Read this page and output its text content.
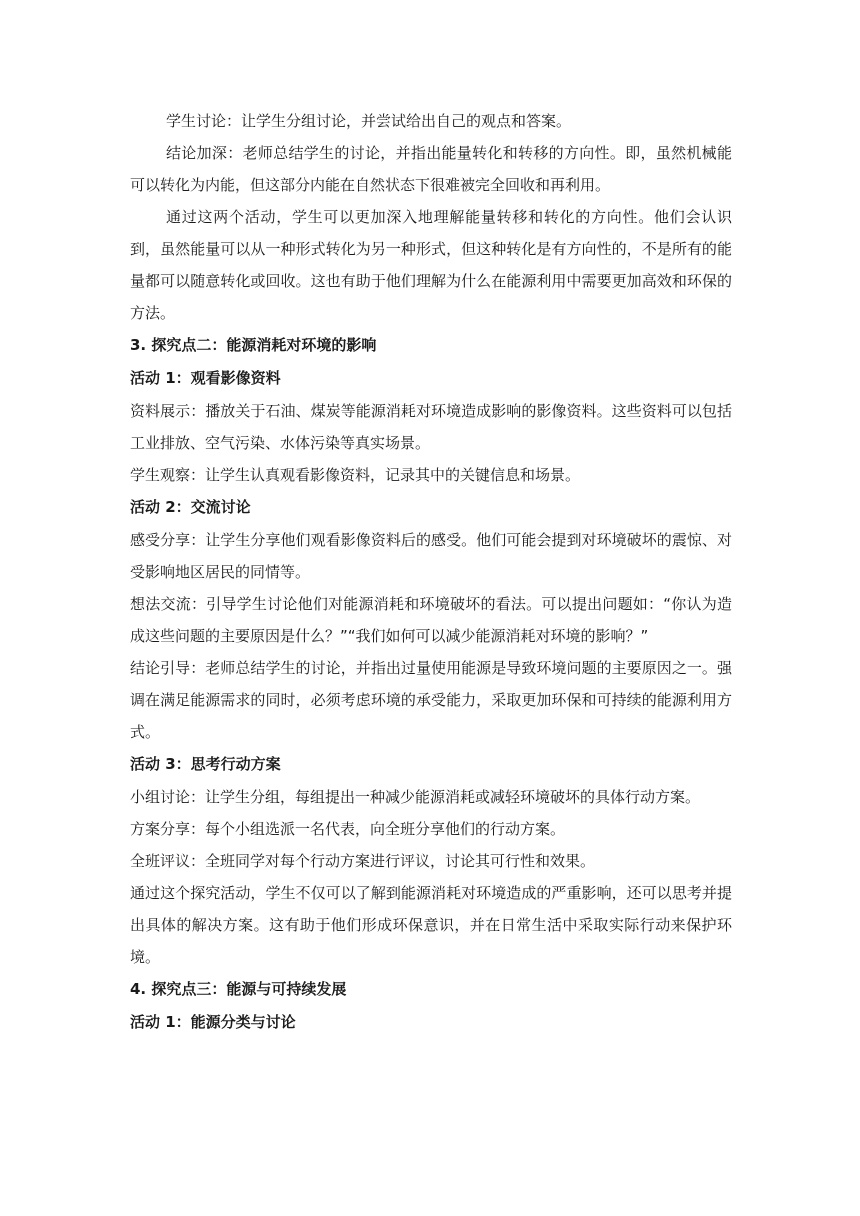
学生讨论：让学生分组讨论，并尝试给出自己的观点和答案。

结论加深：老师总结学生的讨论，并指出能量转化和转移的方向性。即，虽然机械能可以转化为内能，但这部分内能在自然状态下很难被完全回收和再利用。

通过这两个活动，学生可以更加深入地理解能量转移和转化的方向性。他们会认识到，虽然能量可以从一种形式转化为另一种形式，但这种转化是有方向性的，不是所有的能量都可以随意转化或回收。这也有助于他们理解为什么在能源利用中需要更加高效和环保的方法。

3. 探究点二：能源消耗对环境的影响

活动 1：观看影像资料

资料展示：播放关于石油、煤炭等能源消耗对环境造成影响的影像资料。这些资料可以包括工业排放、空气污染、水体污染等真实场景。

学生观察：让学生认真观看影像资料，记录其中的关键信息和场景。

活动 2：交流讨论

感受分享：让学生分享他们观看影像资料后的感受。他们可能会提到对环境破坏的震惊、对受影响地区居民的同情等。

想法交流：引导学生讨论他们对能源消耗和环境破坏的看法。可以提出问题如：“你认为造成这些问题的主要原因是什么？”“我们如何可以减少能源消耗对环境的影响？”

结论引导：老师总结学生的讨论，并指出过量使用能源是导致环境问题的主要原因之一。强调在满足能源需求的同时，必须考虑环境的承受能力，采取更加环保和可持续的能源利用方式。

活动 3：思考行动方案

小组讨论：让学生分组，每组提出一种减少能源消耗或减轻环境破坏的具体行动方案。

方案分享：每个小组选派一名代表，向全班分享他们的行动方案。

全班评议：全班同学对每个行动方案进行评议，讨论其可行性和效果。

通过这个探究活动，学生不仅可以了解到能源消耗对环境造成的严重影响，还可以思考并提出具体的解决方案。这有助于他们形成环保意识，并在日常生活中采取实际行动来保护环境。

4. 探究点三：能源与可持续发展

活动 1：能源分类与讨论
